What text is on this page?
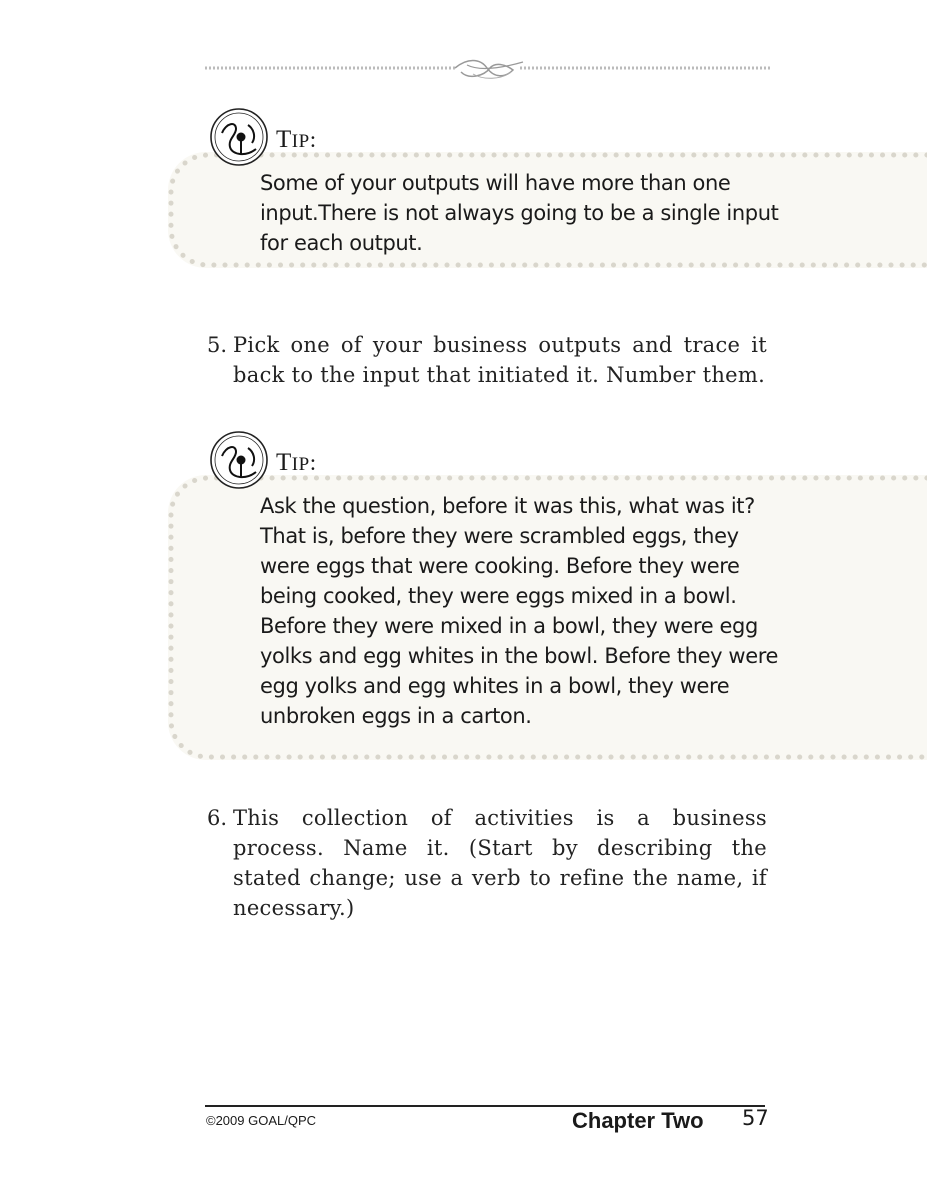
Some of your outputs will have more than one
input.There is not always going to be a single input
for each output.
TIP:
5. Pick one of your business outputs and trace it back to the input that initiated it. Number them.
Ask the question, before it was this, what was it?
That is, before they were scrambled eggs, they
were eggs that were cooking. Before they were
being cooked, they were eggs mixed in a bowl.
Before they were mixed in a bowl, they were egg
yolks and egg whites in the bowl. Before they were
egg yolks and egg whites in a bowl, they were
unbroken eggs in a carton.
TIP:
6. This collection of activities is a business process. Name it. (Start by describing the stated change; use a verb to refine the name, if necessary.)
©2009 GOAL/QPC	Chapter Two 57
